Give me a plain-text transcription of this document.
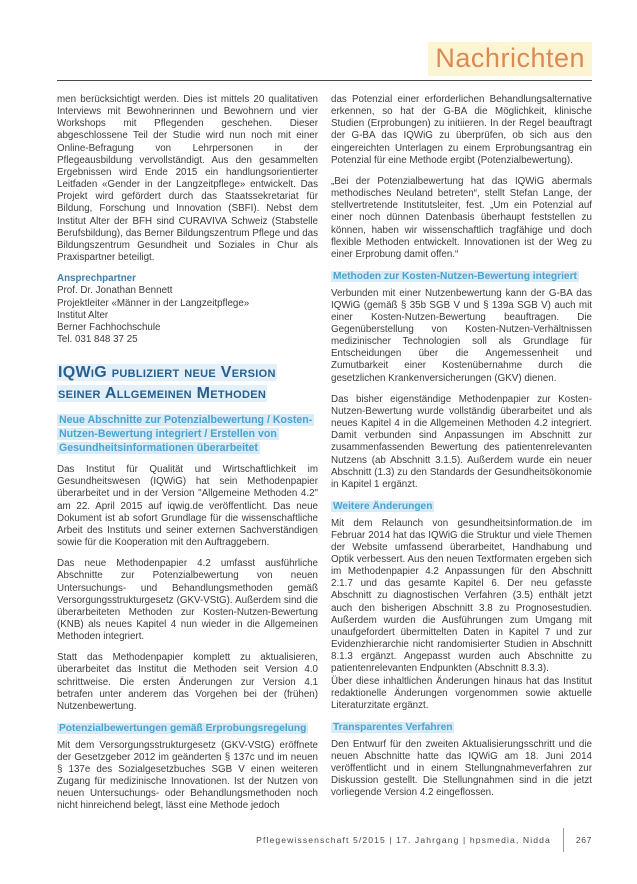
Nachrichten

men berücksichtigt werden. Dies ist mittels 20 qualitativen Interviews mit Bewohnerinnen und Bewohnern und vier Workshops mit Pflegenden geschehen. Dieser abgeschlossene Teil der Studie wird nun noch mit einer Online-Befragung von Lehrpersonen in der Pflegeausbildung vervollständigt. Aus den gesammelten Ergebnissen wird Ende 2015 ein handlungsorientierter Leitfaden «Gender in der Langzeitpflege» entwickelt. Das Projekt wird gefördert durch das Staatssekretariat für Bildung, Forschung und Innovation (SBFI). Nebst dem Institut Alter der BFH sind CURAVIVA Schweiz (Stabstelle Berufsbildung), das Berner Bildungszentrum Pflege und das Bildungszentrum Gesundheit und Soziales in Chur als Praxispartner beteiligt.

Ansprechpartner
Prof. Dr. Jonathan Bennett
Projektleiter «Männer in der Langzeitpflege»
Institut Alter
Berner Fachhochschule
Tel. 031 848 37 25
IQWiG publiziert neue Version
seiner Allgemeinen Methoden
Neue Abschnitte zur Potenzialbewertung / Kosten-Nutzen-Bewertung integriert / Erstellen von Gesundheitsinformationen überarbeitet

Das Institut für Qualität und Wirtschaftlichkeit im Gesundheitswesen (IQWiG) hat sein Methodenpapier überarbeitet und in der Version "Allgemeine Methoden 4.2" am 22. April 2015 auf iqwig.de veröffentlicht. Das neue Dokument ist ab sofort Grundlage für die wissenschaftliche Arbeit des Instituts und seiner externen Sachverständigen sowie für die Kooperation mit den Auftraggebern.

Das neue Methodenpapier 4.2 umfasst ausführliche Abschnitte zur Potenzialbewertung von neuen Untersuchungs- und Behandlungsmethoden gemäß Versorgungsstrukturgesetz (GKV-VStG). Außerdem sind die überarbeiteten Methoden zur Kosten-Nutzen-Bewertung (KNB) als neues Kapitel 4 nun wieder in die Allgemeinen Methoden integriert.

Statt das Methodenpapier komplett zu aktualisieren, überarbeitet das Institut die Methoden seit Version 4.0 schrittweise. Die ersten Änderungen zur Version 4.1 betrafen unter anderem das Vorgehen bei der (frühen) Nutzenbewertung.

Potenzialbewertungen gemäß Erprobungsregelung

Mit dem Versorgungsstrukturgesetz (GKV-VStG) eröffnete der Gesetzgeber 2012 im geänderten § 137c und im neuen § 137e des Sozialgesetzbuches SGB V einen weiteren Zugang für medizinische Innovationen. Ist der Nutzen von neuen Untersuchungs- oder Behandlungsmethoden noch nicht hinreichend belegt, lässt eine Methode jedoch

das Potenzial einer erforderlichen Behandlungsalternative erkennen, so hat der G-BA die Möglichkeit, klinische Studien (Erprobungen) zu initiieren. In der Regel beauftragt der G-BA das IQWiG zu überprüfen, ob sich aus den eingereichten Unterlagen zu einem Erprobungsantrag ein Potenzial für eine Methode ergibt (Potenzialbewertung).

„Bei der Potenzialbewertung hat das IQWiG abermals methodisches Neuland betreten“, stellt Stefan Lange, der stellvertretende Institutsleiter, fest. „Um ein Potenzial auf einer noch dünnen Datenbasis überhaupt feststellen zu können, haben wir wissenschaftlich tragfähige und doch flexible Methoden entwickelt. Innovationen ist der Weg zu einer Erprobung damit offen.“

Methoden zur Kosten-Nutzen-Bewertung integriert

Verbunden mit einer Nutzenbewertung kann der G-BA das IQWiG (gemäß § 35b SGB V und § 139a SGB V) auch mit einer Kosten-Nutzen-Bewertung beauftragen. Die Gegenüberstellung von Kosten-Nutzen-Verhältnissen medizinischer Technologien soll als Grundlage für Entscheidungen über die Angemessenheit und Zumutbarkeit einer Kostenübernahme durch die gesetzlichen Krankenversicherungen (GKV) dienen.

Das bisher eigenständige Methodenpapier zur Kosten-Nutzen-Bewertung wurde vollständig überarbeitet und als neues Kapitel 4 in die Allgemeinen Methoden 4.2 integriert. Damit verbunden sind Anpassungen im Abschnitt zur zusammenfassenden Bewertung des patientenrelevanten Nutzens (ab Abschnitt 3.1.5). Außerdem wurde ein neuer Abschnitt (1.3) zu den Standards der Gesundheitsökonomie in Kapitel 1 ergänzt.

Weitere Änderungen

Mit dem Relaunch von gesundheitsinformation.de im Februar 2014 hat das IQWiG die Struktur und viele Themen der Website umfassend überarbeitet, Handhabung und Optik verbessert. Aus den neuen Textformaten ergeben sich im Methodenpapier 4.2 Anpassungen für den Abschnitt 2.1.7 und das gesamte Kapitel 6. Der neu gefasste Abschnitt zu diagnostischen Verfahren (3.5) enthält jetzt auch den bisherigen Abschnitt 3.8 zu Prognosestudien. Außerdem wurden die Ausführungen zum Umgang mit unaufgefordert übermittelten Daten in Kapitel 7 und zur Evidenzhierarchie nicht randomisierter Studien in Abschnitt 8.1.3 ergänzt. Angepasst wurden auch Abschnitte zu patientenrelevanten Endpunkten (Abschnitt 8.3.3).

Über diese inhaltlichen Änderungen hinaus hat das Institut redaktionelle Änderungen vorgenommen sowie aktuelle Literaturzitate ergänzt.

Transparentes Verfahren

Den Entwurf für den zweiten Aktualisierungsschritt und die neuen Abschnitte hatte das IQWiG am 18. Juni 2014 veröffentlicht und in einem Stellungnahmeverfahren zur Diskussion gestellt. Die Stellungnahmen sind in die jetzt vorliegende Version 4.2 eingeflossen.

Pflegewissenschaft 5/2015 | 17. Jahrgang | hpsmedia, Nidda	267
